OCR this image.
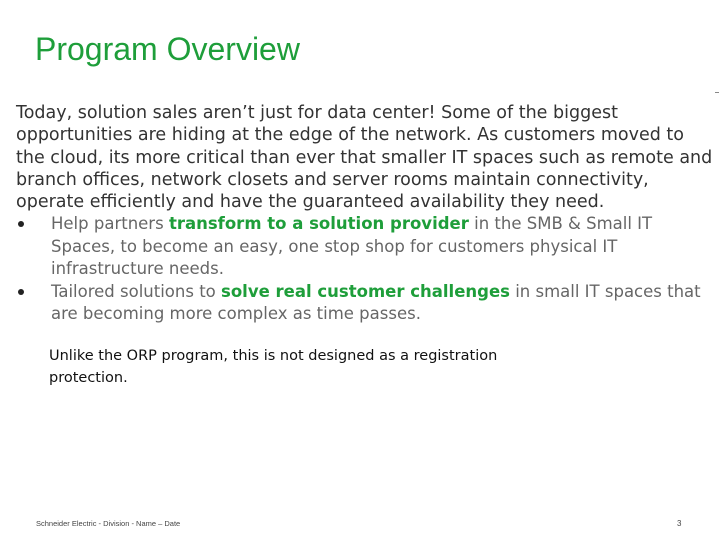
Program Overview

Today, solution sales aren’t just for data center! Some of the biggest opportunities are hiding at the edge of the network. As customers moved to the cloud, its more critical than ever that smaller IT spaces such as remote and branch offices, network closets and server rooms maintain connectivity, operate efficiently and have the guaranteed availability they need.

Help partners transform to a solution provider in the SMB & Small IT Spaces, to become an easy, one stop shop for customers physical IT infrastructure needs.
Tailored solutions to solve real customer challenges in small IT spaces that are becoming more complex as time passes.
Unlike the ORP program, this is not designed as a registration protection.
Schneider Electric - Division - Name – Date	3
